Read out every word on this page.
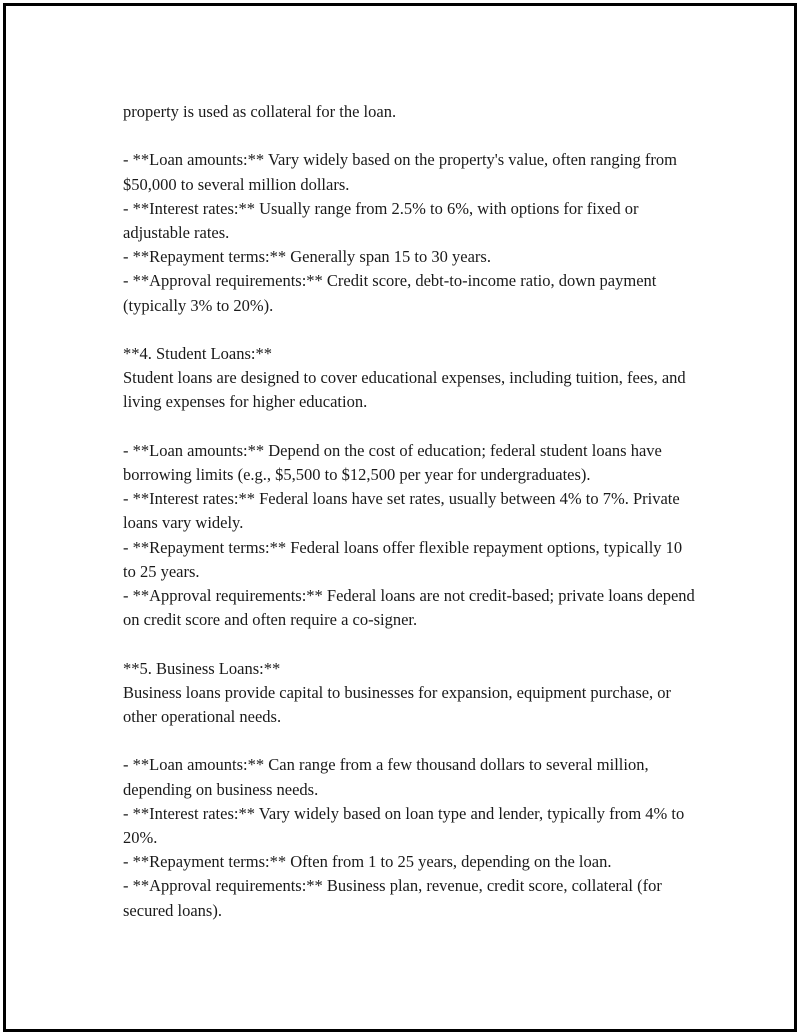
property is used as collateral for the loan.

- **Loan amounts:** Vary widely based on the property's value, often ranging from $50,000 to several million dollars.

- **Interest rates:** Usually range from 2.5% to 6%, with options for fixed or adjustable rates.

- **Repayment terms:** Generally span 15 to 30 years.

- **Approval requirements:** Credit score, debt-to-income ratio, down payment (typically 3% to 20%).

**4. Student Loans:**

Student loans are designed to cover educational expenses, including tuition, fees, and living expenses for higher education.

- **Loan amounts:** Depend on the cost of education; federal student loans have borrowing limits (e.g., $5,500 to $12,500 per year for undergraduates).

- **Interest rates:** Federal loans have set rates, usually between 4% to 7%. Private loans vary widely.

- **Repayment terms:** Federal loans offer flexible repayment options, typically 10 to 25 years.

- **Approval requirements:** Federal loans are not credit-based; private loans depend on credit score and often require a co-signer.

**5. Business Loans:**

Business loans provide capital to businesses for expansion, equipment purchase, or other operational needs.

- **Loan amounts:** Can range from a few thousand dollars to several million, depending on business needs.

- **Interest rates:** Vary widely based on loan type and lender, typically from 4% to 20%.

- **Repayment terms:** Often from 1 to 25 years, depending on the loan.

- **Approval requirements:** Business plan, revenue, credit score, collateral (for secured loans).
